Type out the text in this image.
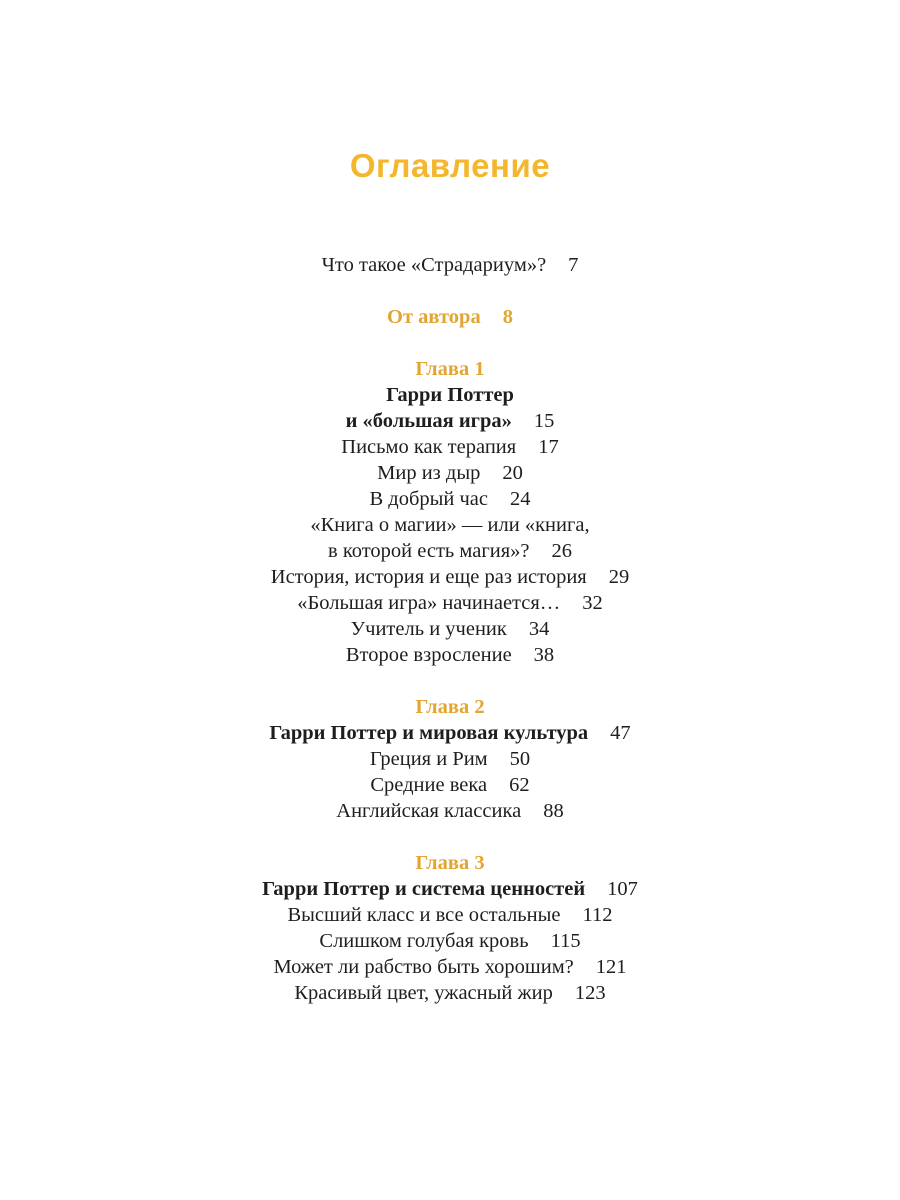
Оглавление
Что такое «Страдариум»? 7
От автора 8
Глава 1
Гарри Поттер
и «большая игра» 15
Письмо как терапия 17
Мир из дыр 20
В добрый час 24
«Книга о магии» — или «книга,
в которой есть магия»? 26
История, история и еще раз история 29
«Большая игра» начинается… 32
Учитель и ученик 34
Второе взросление 38
Глава 2
Гарри Поттер и мировая культура 47
Греция и Рим 50
Средние века 62
Английская классика 88
Глава 3
Гарри Поттер и система ценностей 107
Высший класс и все остальные 112
Слишком голубая кровь 115
Может ли рабство быть хорошим? 121
Красивый цвет, ужасный жир 123
